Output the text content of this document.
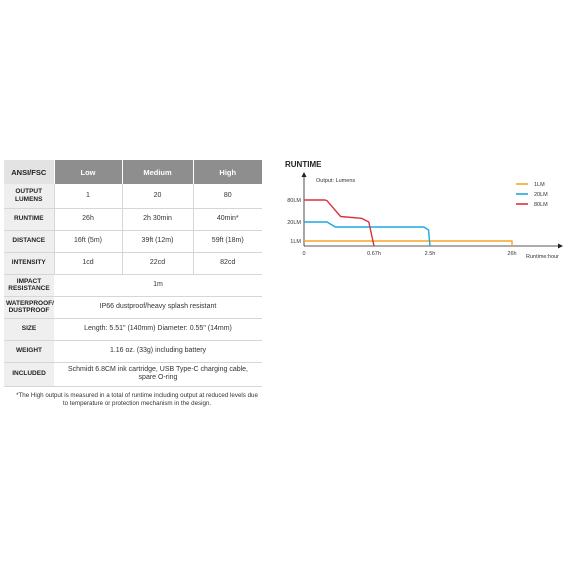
ANSI/FSC	Low	Medium	High
OUTPUT LUMENS	1	20	80
RUNTIME	26h	2h 30min	40min*
DISTANCE	16ft (5m)	39ft (12m)	59ft (18m)
INTENSITY	1cd	22cd	82cd
IMPACT RESISTANCE	1m		
WATERPROOF/ DUSTPROOF	IP66 dustproof/heavy splash resistant		
SIZE	Length: 5.51" (140mm) Diameter: 0.55" (14mm)		
WEIGHT	1.16 oz. (33g) including battery		
INCLUDED	Schmidt 6.8CM ink cartridge, USB Type-C charging cable, spare O-ring		

*The High output is measured in a total of runtime including output at reduced levels due to temperature or protection mechanism in the design.

RUNTIME
Output: Lumens
Runtime:hour
1LM
20LM
80LM
0	0.67h	2.5h	26h
1LM
20LM
80LM
